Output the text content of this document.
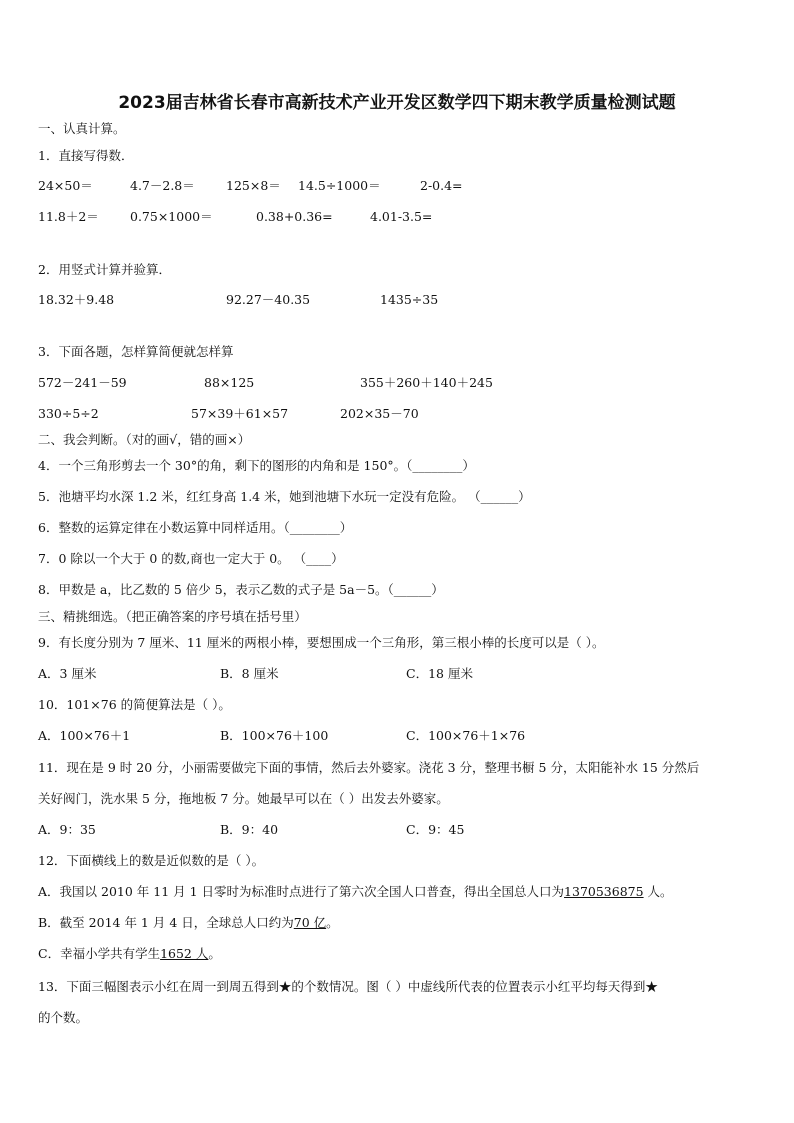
2023届吉林省长春市高新技术产业开发区数学四下期末教学质量检测试题
一、认真计算。
1．直接写得数．
24×50＝	4.7－2.8＝ 125×8＝ 14.5÷1000＝	2-0.4=
11.8＋2＝ 0.75×1000＝	0.38+0.36=	4.01-3.5=
2．用竖式计算并验算．
18.32＋9.48	92.27－40.35	1435÷35
3．下面各题，怎样算简便就怎样算
572－241－59	88×125	355＋260＋140＋245
330÷5÷2	57×39＋61×57	202×35－70
二、我会判断。（对的画√，错的画×）
4．一个三角形剪去一个 30°的角，剩下的图形的内角和是 150°。（________）
5．池塘平均水深 1.2 米，红红身高 1.4 米，她到池塘下水玩一定没有危险。 （______）
6．整数的运算定律在小数运算中同样适用。（________）
7．0 除以一个大于 0 的数,商也一定大于 0。 （____）
8．甲数是 a，比乙数的 5 倍少 5，表示乙数的式子是 5a－5。（______）
三、精挑细选。（把正确答案的序号填在括号里）
9．有长度分别为 7 厘米、11 厘米的两根小棒，要想围成一个三角形，第三根小棒的长度可以是（ ）。
A．3 厘米	B．8 厘米	C．18 厘米
10．101×76 的简便算法是（ ）。
A．100×76＋1	B．100×76＋100	C．100×76＋1×76
11．现在是 9 时 20 分，小丽需要做完下面的事情，然后去外婆家。浇花 3 分，整理书橱 5 分，太阳能补水 15 分然后
关好阀门，洗水果 5 分，拖地板 7 分。她最早可以在（ ）出发去外婆家。
A．9：35	B．9：40	C．9：45
12．下面横线上的数是近似数的是（ ）。
A．我国以 2010 年 11 月 1 日零时为标准时点进行了第六次全国人口普查，得出全国总人口为1370536875 人。
B．截至 2014 年 1 月 4 日，全球总人口约为70 亿。
C．幸福小学共有学生1652 人。
13．下面三幅图表示小红在周一到周五得到★的个数情况。图（ ）中虚线所代表的位置表示小红平均每天得到★
的个数。
